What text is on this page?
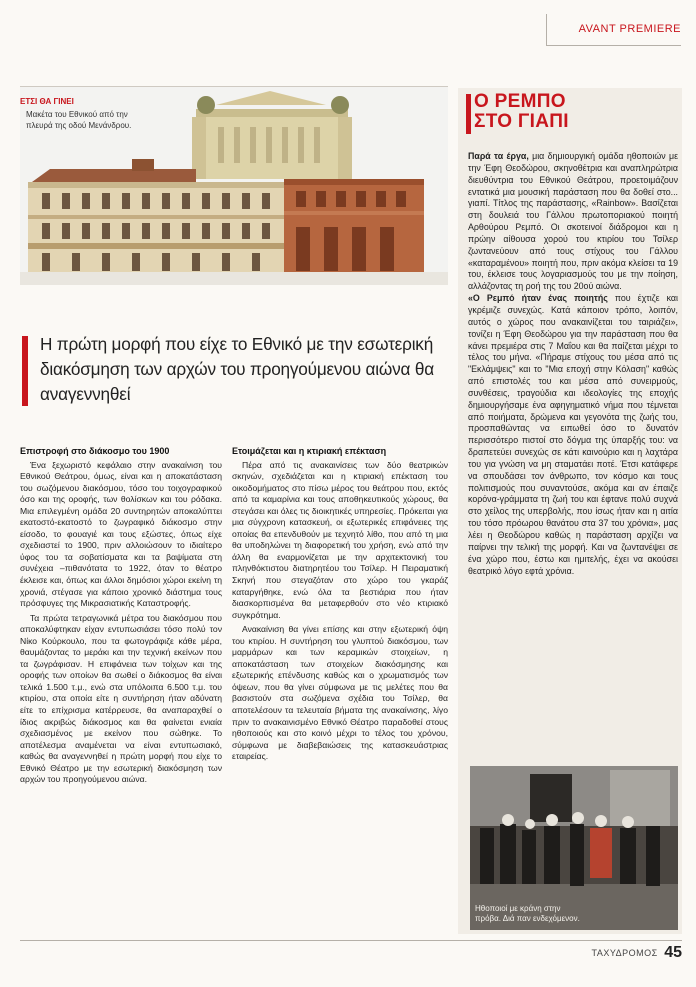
AVANT PREMIERE
ΕΤΣΙ ΘΑ ΓΙΝΕΙ
Μακέτα του Εθνικού από την πλευρά της οδού Μενάνδρου.
Η πρώτη μορφή που είχε το Εθνικό με την εσωτερική διακόσμηση των αρχών του προηγούμενου αιώνα θα αναγεννηθεί
Επιστροφή στο διάκοσμο του 1900

Ένα ξεχωριστό κεφάλαιο στην ανακαίνιση του Εθνικού Θεάτρου, όμως, είναι και η αποκατάσταση του σωζόμενου διακόσμου, τόσο του τοιχογραφικού όσο και της οροφής, των θολίσκων και του ρόδακα. Μια επιλεγμένη ομάδα 20 συντηρητών αποκαλύπτει εκατοστό-εκατοστό το ζωγραφικό διάκοσμο στην είσοδο, το φουαγιέ και τους εξώστες, όπως είχε σχεδιαστεί το 1900, πριν αλλοιώσουν το ιδιαίτερο ύφος του τα σοβατίσματα και τα βαψίματα στη συνέχεια –πιθανότατα το 1922, όταν το θέατρο έκλεισε και, όπως και άλλοι δημόσιοι χώροι εκείνη τη χρονιά, στέγασε για κάποιο χρονικό διάστημα τους πρόσφυγες της Μικρασιατικής Καταστροφής.

Τα πρώτα τετραγωνικά μέτρα του διακόσμου που αποκαλύφτηκαν είχαν εντυπωσιάσει τόσο πολύ τον Νίκο Κούρκουλο, που τα φωτογράφιζε κάθε μέρα, θαυμάζοντας το μεράκι και την τεχνική εκείνων που τα ζωγράφισαν. Η επιφάνεια των τοίχων και της οροφής των οποίων θα σωθεί ο διάκοσμος θα είναι τελικά 1.500 τ.μ., ενώ στα υπόλοιπα 6.500 τ.μ. του κτιρίου, στα οποία είτε η συντήρηση ήταν αδύνατη είτε το επίχρισμα κατέρρευσε, θα αναπαραχθεί ο ίδιος ακριβώς διάκοσμος και θα φαίνεται ενιαία σχεδιασμένος με εκείνον που σώθηκε. Το αποτέλεσμα αναμένεται να είναι εντυπωσιακό, καθώς θα αναγεννηθεί η πρώτη μορφή που είχε το Εθνικό Θέατρο με την εσωτερική διακόσμηση των αρχών του προηγούμενου αιώνα.

Ετοιμάζεται και η κτιριακή επέκταση

Πέρα από τις ανακαινίσεις των δύο θεατρικών σκηνών, σχεδιάζεται και η κτιριακή επέκταση του οικοδομήματος στο πίσω μέρος του θεάτρου που, εκτός από τα καμαρίνια και τους αποθηκευτικούς χώρους, θα στεγάσει και όλες τις διοικητικές υπηρεσίες. Πρόκειται για μια σύγχρονη κατασκευή, οι εξωτερικές επιφάνειες της οποίας θα επενδυθούν με τεχνητό λίθο, που από τη μια θα υποδηλώνει τη διαφορετική του χρήση, ενώ από την άλλη θα εναρμονίζεται με την αρχιτεκτονική του πληνθόκτιστου διατηρητέου του Τσίλερ. Η Πειραματική Σκηνή που στεγαζόταν στο χώρο του γκαράζ καταργήθηκε, ενώ όλα τα βεστιάρια που ήταν διασκορπισμένα θα μεταφερθούν στο νέο κτιριακό συγκρότημα.

Ανακαίνιση θα γίνει επίσης και στην εξωτερική όψη του κτιρίου. Η συντήρηση του γλυπτού διακόσμου, των μαρμάρων και των κεραμικών στοιχείων, η αποκατάσταση των στοιχείων διακόσμησης και εξωτερικής επένδυσης καθώς και ο χρωματισμός των όψεων, που θα γίνει σύμφωνα με τις μελέτες που θα βασιστούν στα σωζόμενα σχέδια του Τσίλερ, θα αποτελέσουν τα τελευταία βήματα της ανακαίνισης, λίγο πριν το ανακαινισμένο Εθνικό Θέατρο παραδοθεί στους ηθοποιούς και στο κοινό μέχρι το τέλος του χρόνου, σύμφωνα με διαβεβαιώσεις της κατασκευάστριας εταιρείας.

Ο ΡΕΜΠΟ ΣΤΟ ΓΙΑΠΙ

Παρά τα έργα, μια δημιουργική ομάδα ηθοποιών με την Έφη Θεοδώρου, σκηνοθέτρια και αναπληρώτρια διευθύντρια του Εθνικού Θεάτρου, προετοιμάζουν εντατικά μια μουσική παράσταση που θα δοθεί στο... γιαπί. Τίτλος της παράστασης, «Rainbow». Βασίζεται στη δουλειά του Γάλλου πρωτοποριακού ποιητή Αρθούρου Ρεμπό. Οι σκοτεινοί διάδρομοι και η πρώην αίθουσα χορού του κτιρίου του Τσίλερ ζωντανεύουν από τους στίχους του Γάλλου «καταραμένου» ποιητή που, πριν ακόμα κλείσει τα 19 του, έκλεισε τους λογαριασμούς του με την ποίηση, αλλάζοντας τη ροή της του 20ού αιώνα.

«Ο Ρεμπό ήταν ένας ποιητής που έχτιζε και γκρέμιζε συνεχώς. Κατά κάποιον τρόπο, λοιπόν, αυτός ο χώρος που ανακαινίζεται του ταιριάζει», τονίζει η Έφη Θεοδώρου για την παράσταση που θα κάνει πρεμιέρα στις 7 Μαΐου και θα παίζεται μέχρι το τέλος του μήνα. «Πήραμε στίχους του μέσα από τις "Εκλάμψεις" και το "Μια εποχή στην Κόλαση" καθώς από επιστολές του και μέσα από συνειρμούς, συνθέσεις, τραγούδια και ιδεολογίες της εποχής δημιουργήσαμε ένα αφηγηματικό νήμα που τέμνεται από ποιήματα, δρώμενα και γεγονότα της ζωής του, προσπαθώντας να ειπωθεί όσο το δυνατόν περισσότερο πιστοί στο δόγμα της ύπαρξής του: να δραπετεύει συνεχώς σε κάτι καινούριο και η λαχτάρα του για γνώση να μη σταματάει ποτέ. Έτσι κατάφερε να σπουδάσει τον άνθρωπο, τον κόσμο και τους πολιτισμούς που συναντούσε, ακόμα και αν έπαιζε κορόνα-γράμματα τη ζωή του και έφτανε πολύ συχνά στο χείλος της υπερβολής, που ίσως ήταν και η αιτία του τόσο πρόωρου θανάτου στα 37 του χρόνια», μας λέει η Θεοδώρου καθώς η παράσταση αρχίζει να παίρνει την τελική της μορφή. Και να ζωντανέψει σε ένα χώρο που, έστω και ημιτελής, έχει να ακούσει θεατρικό λόγο εφτά χρόνια.

Ηθοποιοί με κράνη στην πρόβα. Διά παν ενδεχόμενον.
ΤΑΧΥΔΡΟΜΟΣ 45
